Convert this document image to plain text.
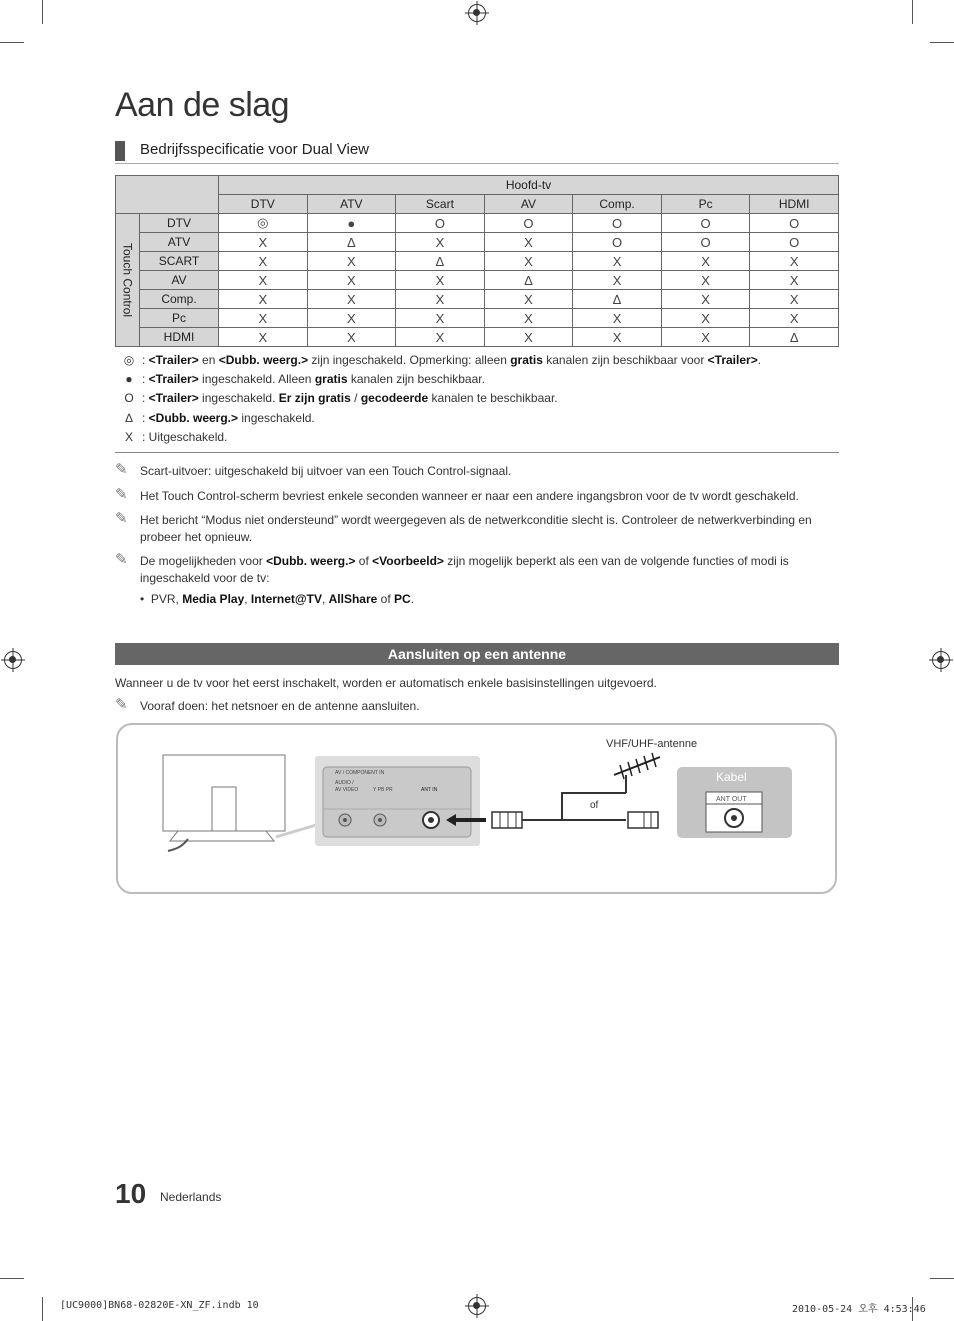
Aan de slag
Bedrijfsspecificatie voor Dual View
		Hoofd-tv						
		DTV	ATV	Scart	AV	Comp.	Pc	HDMI
Touch Control	DTV	◎	●	O	O	O	O	O
	ATV	X	∆	X	X	O	O	O
	SCART	X	X	∆	X	X	X	X
	AV	X	X	X	∆	X	X	X
	Comp.	X	X	X	X	∆	X	X
	Pc	X	X	X	X	X	X	X
	HDMI	X	X	X	X	X	X	∆
◎ : <Trailer> en <Dubb. weerg.> zijn ingeschakeld. Opmerking: alleen gratis kanalen zijn beschikbaar voor <Trailer>.
● : <Trailer> ingeschakeld. Alleen gratis kanalen zijn beschikbaar.
O : <Trailer> ingeschakeld. Er zijn gratis / gecodeerde kanalen te beschikbaar.
∆ : <Dubb. weerg.> ingeschakeld.
X : Uitgeschakeld.
✎ Scart-uitvoer: uitgeschakeld bij uitvoer van een Touch Control-signaal.
✎ Het Touch Control-scherm bevriest enkele seconden wanneer er naar een andere ingangsbron voor de tv wordt geschakeld.
✎ Het bericht “Modus niet ondersteund” wordt weergegeven als de netwerkconditie slecht is. Controleer de netwerkverbinding en probeer het opnieuw.
✎ De mogelijkheden voor <Dubb. weerg.> of <Voorbeeld> zijn mogelijk beperkt als een van de volgende functies of modi is ingeschakeld voor de tv:
•  PVR, Media Play, Internet@TV, AllShare of PC.
Aansluiten op een antenne
Wanneer u de tv voor het eerst inschakelt, worden er automatisch enkele basisinstellingen uitgevoerd.
✎ Vooraf doen: het netsnoer en de antenne aansluiten.
AV / COMPONENT IN
AUDIO /
AV VIDEO	Y PB PR	ANT IN
of
VHF/UHF-antenne
Kabel
ANT OUT
10 Nederlands
[UC9000]BN68-02820E-XN_ZF.indb 10	2010-05-24 오후 4:53:46
